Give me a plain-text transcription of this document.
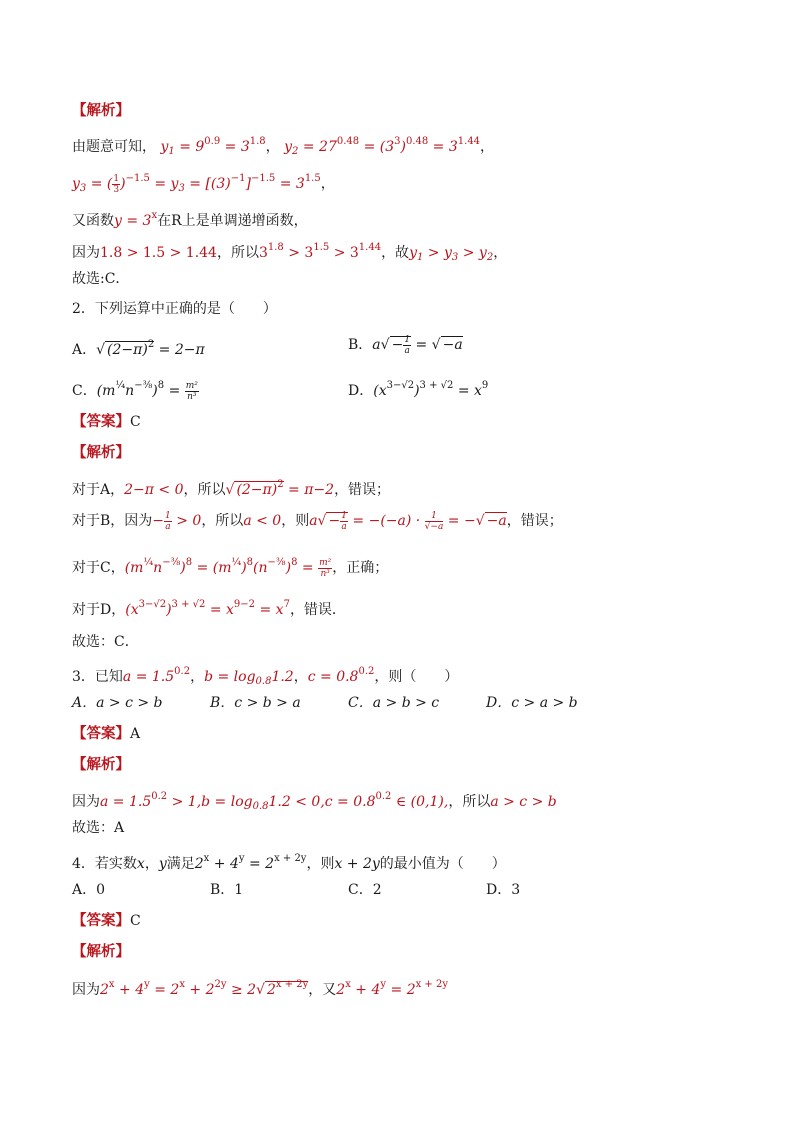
【解析】
由题意可知， $y_1 = 9^{0.9} = 3^{1.8}$， $y_2 = 27^{0.48} = (3^3)^{0.48} = 3^{1.44}$，
$y_3$ = ( $\frac{1}{3} )^{-1.5} = y_3 = [(3)^{-1}]^{-1.5} = 3^{1.5}$，
又函数$y = 3^x$在R上是单调递增函数，
因为1.8 > 1.5 > 1.44，所以$3^{1.8} > 3^{1.5} > 3^{1.44}$，故$y_1 > y_3 > y_2$，
故选:C．
2．下列运算中正确的是（　　）
A．√ $(2-\pi)^2 = 2-\pi$	B．$a√ - \frac{1}{a}$ = √ −a
C．$(m^{\frac{1}{4}}n^{-\frac{3}{8}})^8 = \frac{\text{m²}}{\text{n³}}$	D．$(x^{3-√2})^{3 + √2} = x^9$
【答案】C
【解析】
对于A，2−π < 0，所以√ $(2-\pi)^2 = \pi-2$，错误；
对于B，因为− $\frac{1}{a} > 0$，所以a < 0，则$a√ - \frac{1}{a} = -(-a) \cdot \frac{1}{√-a}$ = −√ −a，错误；
对于C，$(m^{\frac{1}{4}}n^{-\frac{3}{8}})^8 = (m^{\frac{1}{4}})^8(n^{-\frac{3}{8}})^8 = \frac{\text{m²}}{\text{n³}}$ ，正确；
对于D，$(x^{3-√2})^{3 + √2} = x^{9-2} = x^7$，错误．
故选：C．
3．已知$a = 1.5^{0.2}$，$b = \log_{0.8}1.2$，$c = 0.8^{0.2}$，则（　　）
A．a > c > b	B．c > b > a	C．a > b > c	D．c > a > b
【答案】A
【解析】
因为$a = 1.5^{0.2} > 1,b = \log_{0.8}1.2 < 0,c = 0.8^{0.2}$ ∈ (0,1),，所以a > c > b
故选：A
4．若实数x，y满足$2^x + 4^y = 2^{x + 2y}$，则x + 2y的最小值为（　　）
A．0	B．1	C．2	D．3
【答案】C
【解析】
因为$2^x + 4^y = 2^x + 2^{2y} \ge 2√$ $2^{x + 2y}$，又$2^x + 4^y = 2^{x + 2y}$
